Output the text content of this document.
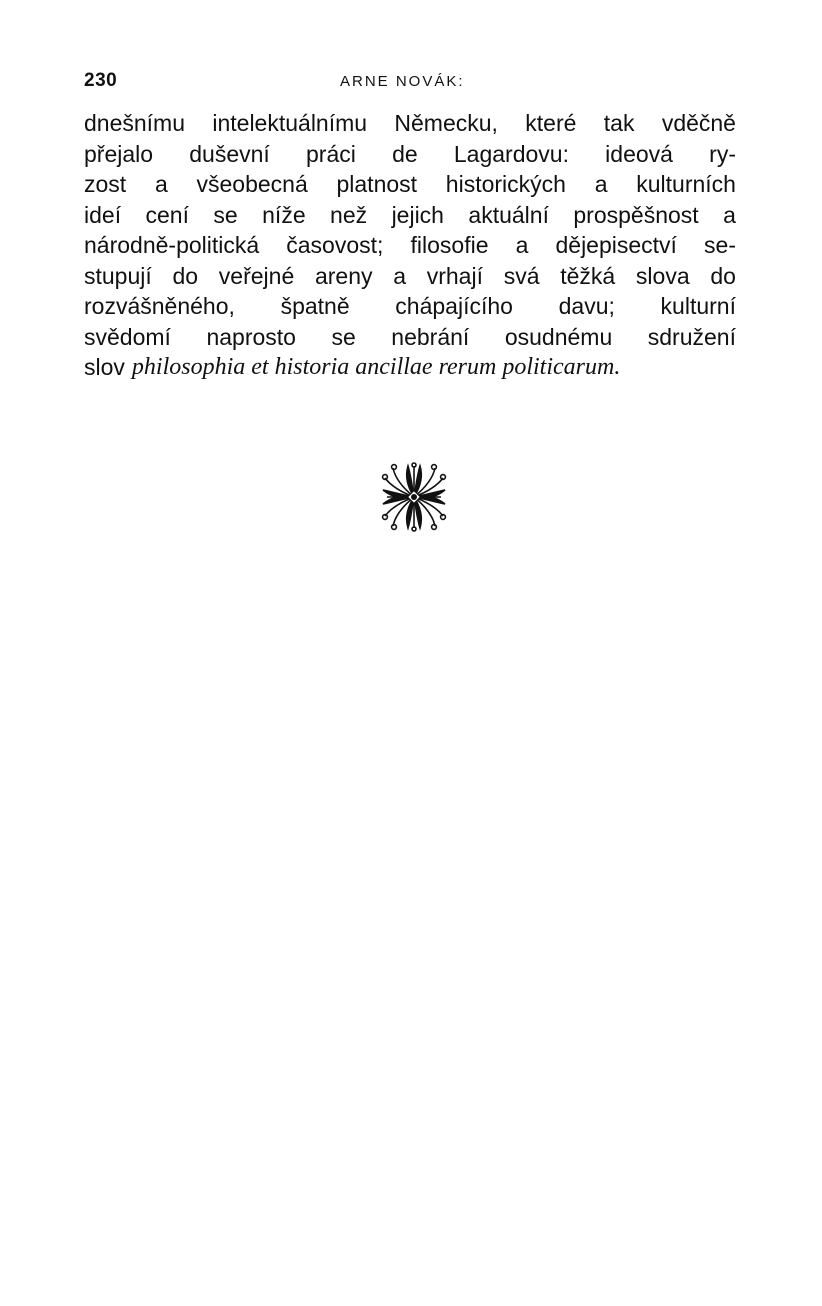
230	ARNE NOVÁK:
dnešnímu intelektuálnímu Německu, které tak vděčně
přejalo duševní práci de Lagardovu: ideová ry-
zost a všeobecná platnost historických a kulturních
ideí cení se níže než jejich aktuální prospěšnost a
národně-politická časovost; filosofie a dějepisectví se-
stupují do veřejné areny a vrhají svá těžká slova do
rozvášněného, špatně chápajícího davu; kulturní
svědomí naprosto se nebrání osudnému sdružení
slov philosophia et historia ancillae rerum politicarum.
